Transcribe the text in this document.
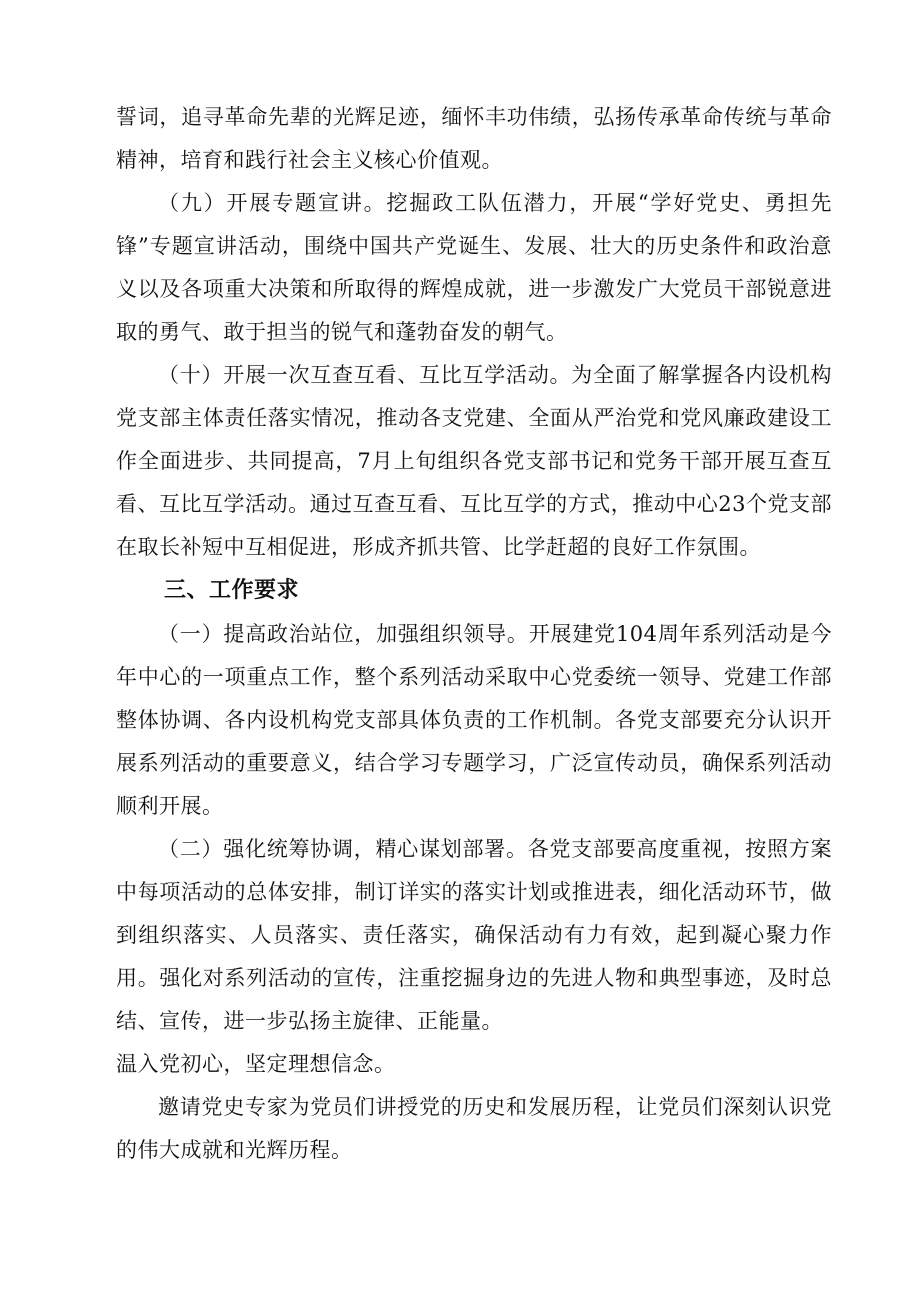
誓词，追寻革命先辈的光辉足迹，缅怀丰功伟绩，弘扬传承革命传统与革命精神，培育和践行社会主义核心价值观。

（九）开展专题宣讲。挖掘政工队伍潜力，开展“学好党史、勇担先锋”专题宣讲活动，围绕中国共产党诞生、发展、壮大的历史条件和政治意义以及各项重大决策和所取得的辉煌成就，进一步激发广大党员干部锐意进取的勇气、敢于担当的锐气和蓬勃奋发的朝气。

（十）开展一次互查互看、互比互学活动。为全面了解掌握各内设机构党支部主体责任落实情况，推动各支党建、全面从严治党和党风廉政建设工作全面进步、共同提高，7月上旬组织各党支部书记和党务干部开展互查互看、互比互学活动。通过互查互看、互比互学的方式，推动中心23个党支部在取长补短中互相促进，形成齐抓共管、比学赶超的良好工作氛围。

三、工作要求

（一）提高政治站位，加强组织领导。开展建党104周年系列活动是今年中心的一项重点工作，整个系列活动采取中心党委统一领导、党建工作部整体协调、各内设机构党支部具体负责的工作机制。各党支部要充分认识开展系列活动的重要意义，结合学习专题学习，广泛宣传动员，确保系列活动顺利开展。

（二）强化统筹协调，精心谋划部署。各党支部要高度重视，按照方案中每项活动的总体安排，制订详实的落实计划或推进表，细化活动环节，做到组织落实、人员落实、责任落实，确保活动有力有效，起到凝心聚力作用。强化对系列活动的宣传，注重挖掘身边的先进人物和典型事迹，及时总结、宣传，进一步弘扬主旋律、正能量。

温入党初心，坚定理想信念。

邀请党史专家为党员们讲授党的历史和发展历程，让党员们深刻认识党的伟大成就和光辉历程。
